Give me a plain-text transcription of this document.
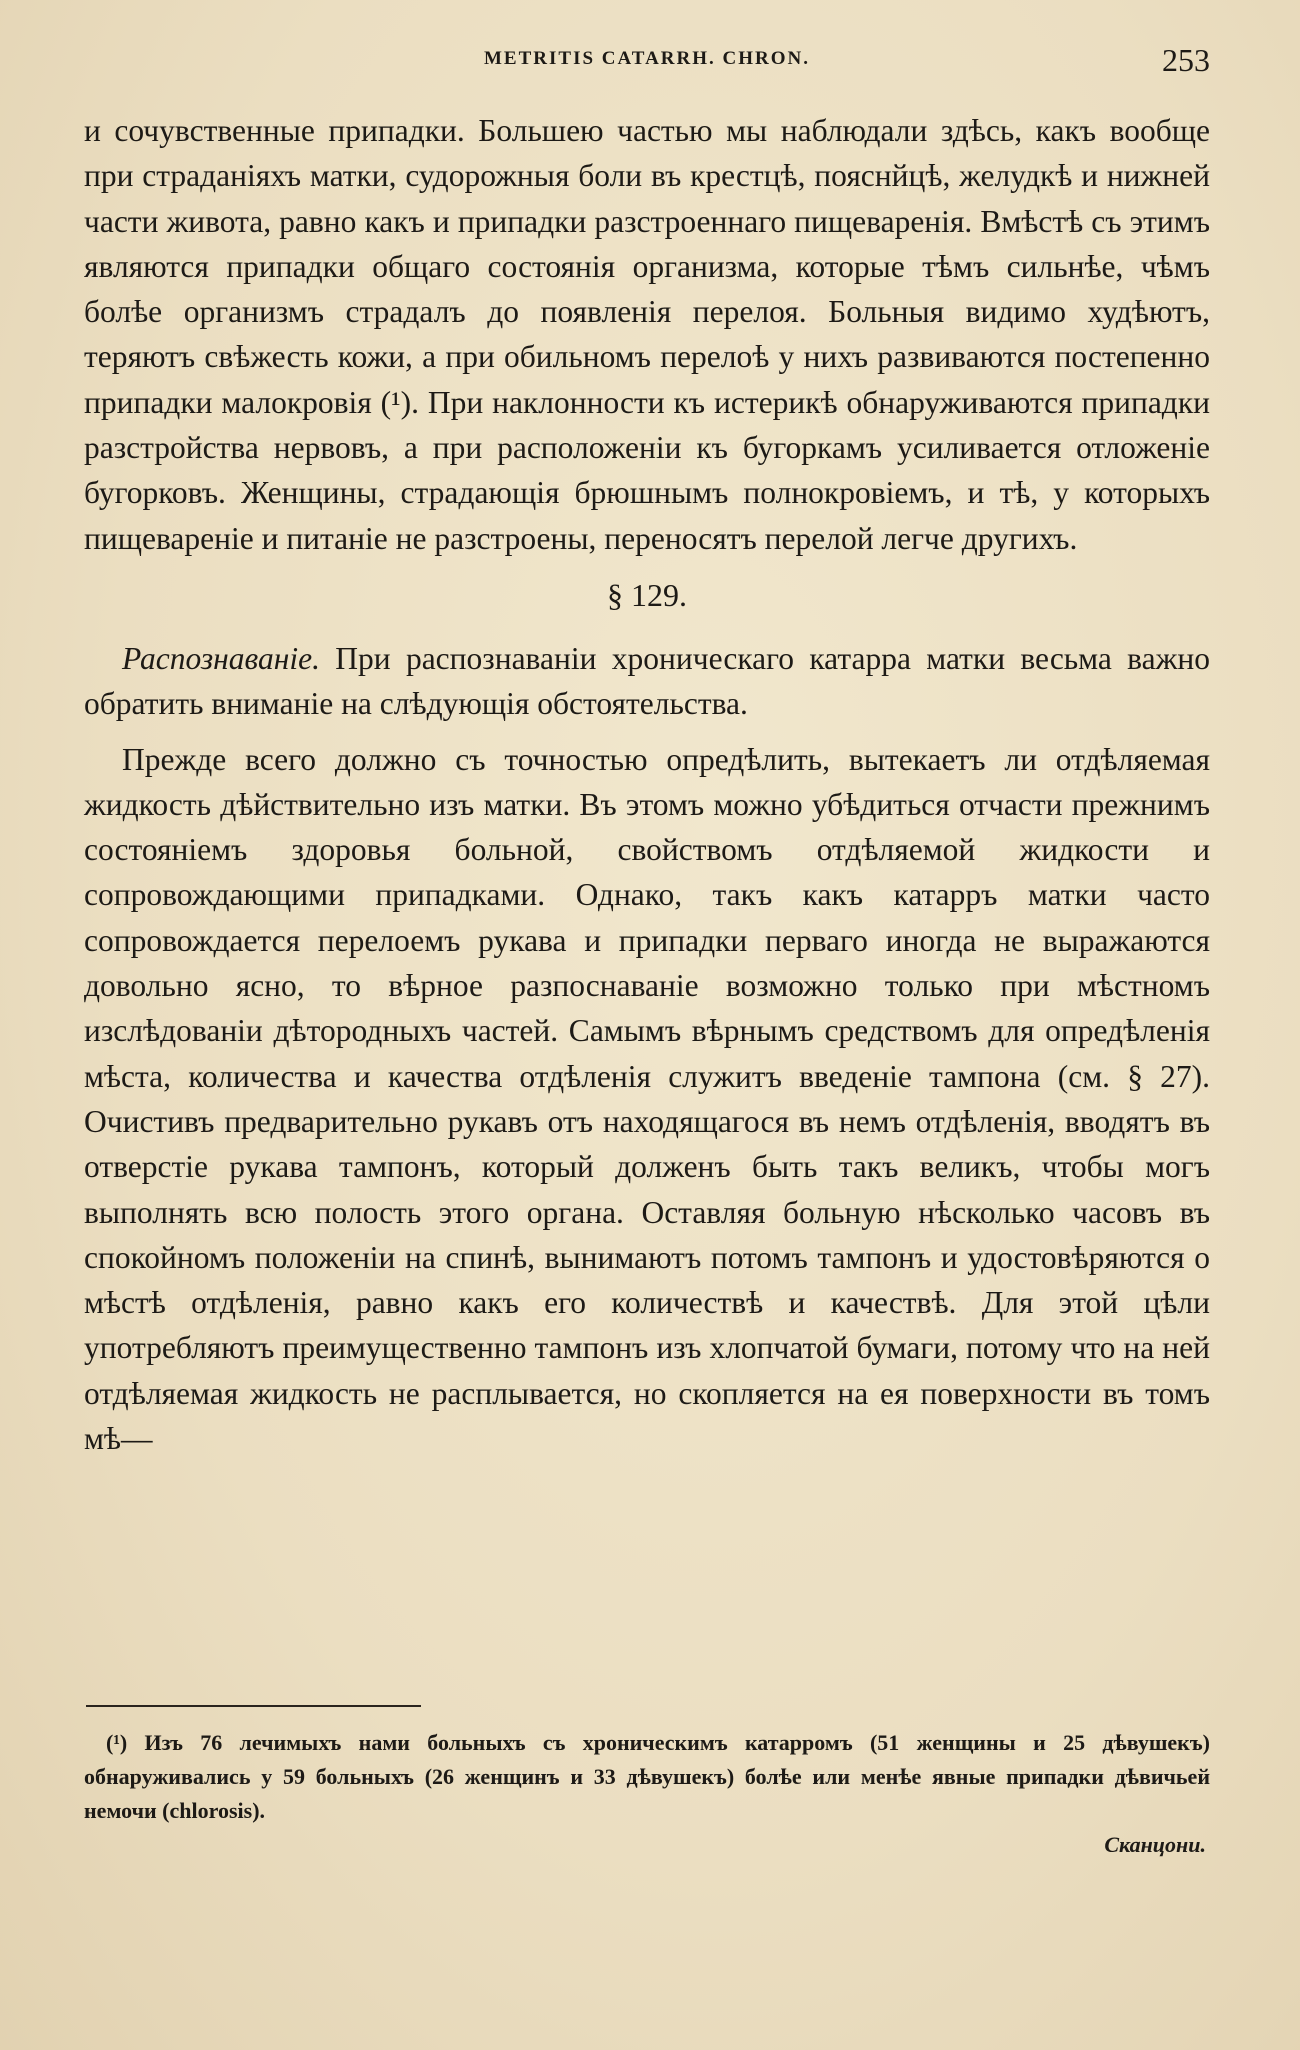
METRITIS CATARRH. CHRON.	253

и сочувственные припадки. Большею частью мы наблюдали здѣсь, какъ вообще при страданіяхъ матки, судорожныя боли въ крестцѣ, пояснйцѣ, желудкѣ и нижней части живота, равно какъ и припадки разстроеннаго пищеваренія. Вмѣстѣ съ этимъ являются припадки общаго состоянія организма, которые тѣмъ сильнѣе, чѣмъ болѣе организмъ страдалъ до появленія перелоя. Больныя видимо худѣютъ, теряютъ свѣжесть кожи, а при обильномъ перелоѣ у нихъ развиваются постепенно припадки малокровія (¹). При наклонности къ истерикѣ обнаруживаются припадки разстройства нервовъ, а при расположеніи къ бугоркамъ усиливается отложеніе бугорковъ. Женщины, страдающія брюшнымъ полнокровіемъ, и тѣ, у которыхъ пищевареніе и питаніе не разстроены, переносятъ перелой легче другихъ.

§ 129.

Распознаваніе. При распознаваніи хроническаго катарра матки весьма важно обратить вниманіе на слѣдующія обстоятельства.

Прежде всего должно съ точностью опредѣлить, вытекаетъ ли отдѣляемая жидкость дѣйствительно изъ матки. Въ этомъ можно убѣдиться отчасти прежнимъ состояніемъ здоровья больной, свойствомъ отдѣляемой жидкости и сопровождающими припадками. Однако, такъ какъ катарръ матки часто сопровождается перелоемъ рукава и припадки перваго иногда не выражаются довольно ясно, то вѣрное разпоснаваніе возможно только при мѣстномъ изслѣдованіи дѣтородныхъ частей. Самымъ вѣрнымъ средствомъ для опредѣленія мѣста, количества и качества отдѣленія служитъ введеніе тампона (см. § 27). Очистивъ предварительно рукавъ отъ находящагося въ немъ отдѣленія, вводятъ въ отверстіе рукава тампонъ, который долженъ быть такъ великъ, чтобы могъ выполнять всю полость этого органа. Оставляя больную нѣсколько часовъ въ спокойномъ положеніи на спинѣ, вынимаютъ потомъ тампонъ и удостовѣряются о мѣстѣ отдѣленія, равно какъ его количествѣ и качествѣ. Для этой цѣли употребляютъ преимущественно тампонъ изъ хлопчатой бумаги, потому что на ней отдѣляемая жидкость не расплывается, но скопляется на ея поверхности въ томъ мѣ—

(¹) Изъ 76 лечимыхъ нами больныхъ съ хроническимъ катарромъ (51 женщины и 25 дѣвушекъ) обнаруживались у 59 больныхъ (26 женщинъ и 33 дѣвушекъ) болѣе или менѣе явные припадки дѣвичьей немочи (chlorosis).

Сканцони.
